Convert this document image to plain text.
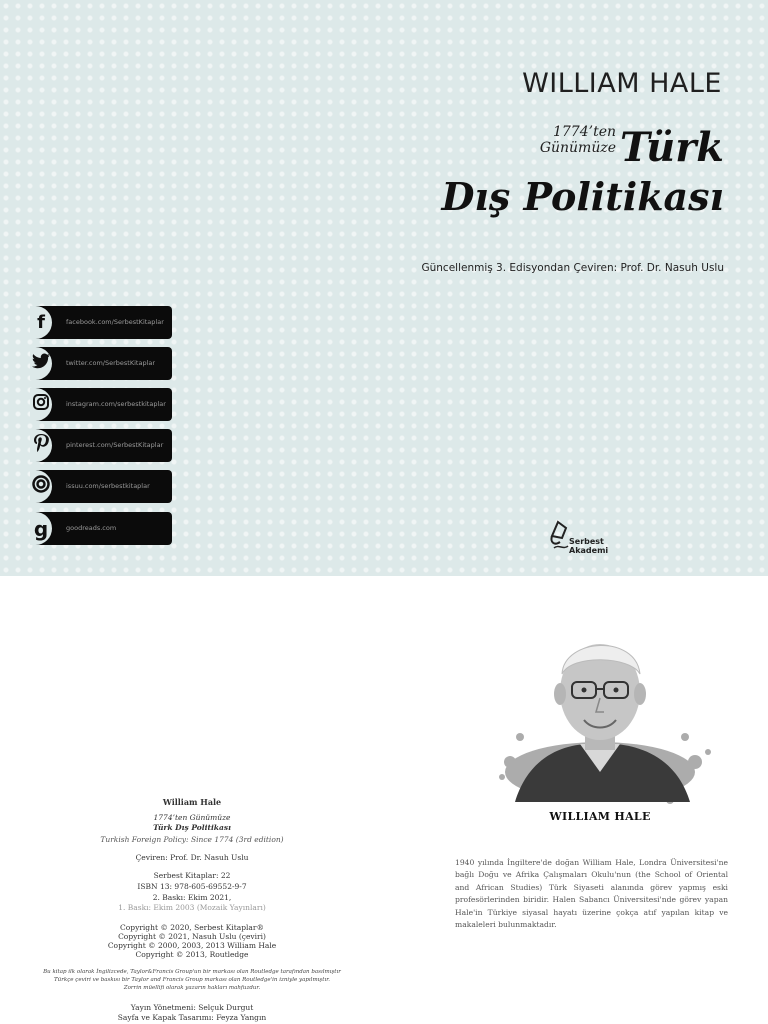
WILLIAM HALE
1774’ten
Günümüze Türk
Dış Politikası
Güncellenmiş 3. Edisyondan Çeviren: Prof. Dr. Nasuh Uslu
f	facebook.com/SerbestKitaplar
twitter.com/SerbestKitaplar
instagram.com/serbestkitaplar
pinterest.com/SerbestKitaplar
issuu.com/serbestkitaplar
g	goodreads.com
Serbest
Akademi
William Hale
1774’ten Günümüze
Türk Dış Politikası
Turkish Foreign Policy: Since 1774 (3rd edition)
Çeviren: Prof. Dr. Nasuh Uslu
Serbest Kitaplar: 22
ISBN 13: 978-605-69552-9-7
2. Baskı: Ekim 2021,
1. Baskı: Ekim 2003 (Mozaik Yayınları)
Copyright © 2020, Serbest Kitaplar®
Copyright © 2021, Nasuh Uslu (çeviri)
Copyright © 2000, 2003, 2013 William Hale
Copyright © 2013, Routledge
Bu kitap ilk olarak İngilizcede, Taylor&Francis Group'un bir markası olan Routledge tarafından basılmıştır
Türkçe çeviri ve baskısı bir Taylor and Francis Group markası olan Routledge'in izniyle yapılmıştır.
Zorrin müellifi olarak yazarın hakları mahfuzdur.
Yayın Yönetmeni: Selçuk Durgut
Sayfa ve Kapak Tasarımı: Feyza Yangın
WILLIAM HALE
1940 yılında İngiltere'de doğan William Hale, Londra Üniversitesi'ne bağlı Doğu ve Afrika Çalışmaları Okulu'nun (the School of Oriental and African Studies) Türk Siyaseti alanında görev yapmış eski profesörlerinden biridir. Halen Sabancı Üniversitesi'nde görev yapan Hale'in Türkiye siyasal hayatı üzerine çokça atıf yapılan kitap ve makaleleri bulunmaktadır.
